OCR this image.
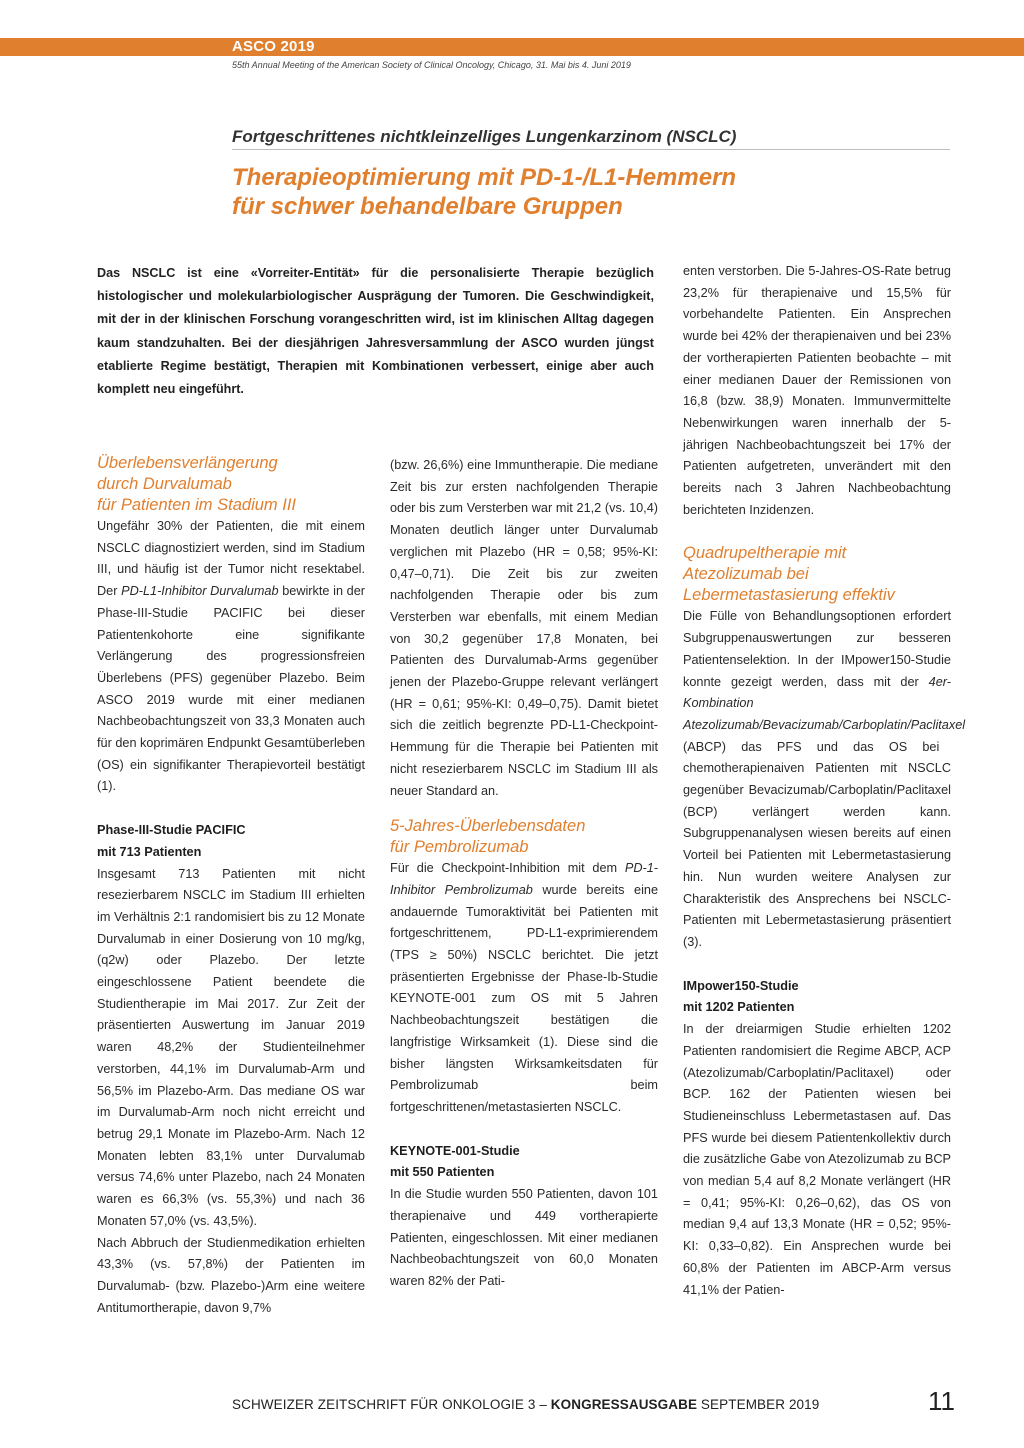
ASCO 2019
55th Annual Meeting of the American Society of Clinical Oncology, Chicago, 31. Mai bis 4. Juni 2019
Fortgeschrittenes nichtkleinzelliges Lungenkarzinom (NSCLC)
Therapieoptimierung mit PD-1-/L1-Hemmern
für schwer behandelbare Gruppen
Das NSCLC ist eine «Vorreiter-Entität» für die personalisierte Therapie bezüglich histologischer und molekularbiologischer Ausprägung der Tumoren. Die Geschwindigkeit, mit der in der klinischen Forschung vorangeschritten wird, ist im klinischen Alltag dagegen kaum standzuhalten. Bei der diesjährigen Jahresversammlung der ASCO wurden jüngst etablierte Regime bestätigt, Therapien mit Kombinationen verbessert, einige aber auch komplett neu eingeführt.
Überlebensverlängerung
durch Durvalumab
für Patienten im Stadium III

Ungefähr 30% der Patienten, die mit einem NSCLC diagnostiziert werden, sind im Stadium III, und häufig ist der Tumor nicht resektabel. Der PD-L1-Inhibitor Durvalumab bewirkte in der Phase-III-Studie PACIFIC bei dieser Patientenkohorte eine signifikante Verlängerung des progressionsfreien Überlebens (PFS) gegenüber Plazebo. Beim ASCO 2019 wurde mit einer medianen Nachbeobachtungszeit von 33,3 Monaten auch für den koprimären Endpunkt Gesamtüberleben (OS) ein signifikanter Therapievorteil bestätigt (1).

Phase-III-Studie PACIFIC
mit 713 Patienten

Insgesamt 713 Patienten mit nicht resezierbarem NSCLC im Stadium III erhielten im Verhältnis 2:1 randomisiert bis zu 12 Monate Durvalumab in einer Dosierung von 10 mg/kg, (q2w) oder Plazebo. Der letzte eingeschlossene Patient beendete die Studientherapie im Mai 2017. Zur Zeit der präsentierten Auswertung im Januar 2019 waren 48,2% der Studienteilnehmer verstorben, 44,1% im Durvalumab-Arm und 56,5% im Plazebo-Arm. Das mediane OS war im Durvalumab-Arm noch nicht erreicht und betrug 29,1 Monate im Plazebo-Arm. Nach 12 Monaten lebten 83,1% unter Durvalumab versus 74,6% unter Plazebo, nach 24 Monaten waren es 66,3% (vs. 55,3%) und nach 36 Monaten 57,0% (vs. 43,5%).

Nach Abbruch der Studienmedikation erhielten 43,3% (vs. 57,8%) der Patienten im Durvalumab- (bzw. Plazebo-)Arm eine weitere Antitumortherapie, davon 9,7%

(bzw. 26,6%) eine Immuntherapie. Die mediane Zeit bis zur ersten nachfolgenden Therapie oder bis zum Versterben war mit 21,2 (vs. 10,4) Monaten deutlich länger unter Durvalumab verglichen mit Plazebo (HR = 0,58; 95%-KI: 0,47–0,71). Die Zeit bis zur zweiten nachfolgenden Therapie oder bis zum Versterben war ebenfalls, mit einem Median von 30,2 gegenüber 17,8 Monaten, bei Patienten des Durvalumab-Arms gegenüber jenen der Plazebo-Gruppe relevant verlängert (HR = 0,61; 95%-KI: 0,49–0,75). Damit bietet sich die zeitlich begrenzte PD-L1-Checkpoint-Hemmung für die Therapie bei Patienten mit nicht resezierbarem NSCLC im Stadium III als neuer Standard an.

5-Jahres-Überlebensdaten
für Pembrolizumab

Für die Checkpoint-Inhibition mit dem PD-1-Inhibitor Pembrolizumab wurde bereits eine andauernde Tumoraktivität bei Patienten mit fortgeschrittenem, PD-L1-exprimierendem (TPS ≥ 50%) NSCLC berichtet. Die jetzt präsentierten Ergebnisse der Phase-Ib-Studie KEYNOTE-001 zum OS mit 5 Jahren Nachbeobachtungszeit bestätigen die langfristige Wirksamkeit (1). Diese sind die bisher längsten Wirksamkeitsdaten für Pembrolizumab beim fortgeschrittenen/metastasierten NSCLC.

KEYNOTE-001-Studie
mit 550 Patienten

In die Studie wurden 550 Patienten, davon 101 therapienaive und 449 vortherapierte Patienten, eingeschlossen. Mit einer medianen Nachbeobachtungszeit von 60,0 Monaten waren 82% der Pati-

enten verstorben. Die 5-Jahres-OS-Rate betrug 23,2% für therapienaive und 15,5% für vorbehandelte Patienten. Ein Ansprechen wurde bei 42% der therapienaiven und bei 23% der vortherapierten Patienten beobachte – mit einer medianen Dauer der Remissionen von 16,8 (bzw. 38,9) Monaten. Immunvermittelte Nebenwirkungen waren innerhalb der 5-jährigen Nachbeobachtungszeit bei 17% der Patienten aufgetreten, unverändert mit den bereits nach 3 Jahren Nachbeobachtung berichteten Inzidenzen.

Quadrupeltherapie mit
Atezolizumab bei
Lebermetastasierung effektiv

Die Fülle von Behandlungsoptionen erfordert Subgruppenauswertungen zur besseren Patientenselektion. In der IMpower150-Studie konnte gezeigt werden, dass mit der 4er-Kombination Atezolizumab/Bevacizumab/Carboplatin/Paclitaxel (ABCP) das PFS und das OS bei chemotherapienaiven Patienten mit NSCLC gegenüber Bevacizumab/Carboplatin/Paclitaxel (BCP) verlängert werden kann. Subgruppenanalysen wiesen bereits auf einen Vorteil bei Patienten mit Lebermetastasierung hin. Nun wurden weitere Analysen zur Charakteristik des Ansprechens bei NSCLC-Patienten mit Lebermetastasierung präsentiert (3).

IMpower150-Studie
mit 1202 Patienten

In der dreiarmigen Studie erhielten 1202 Patienten randomisiert die Regime ABCP, ACP (Atezolizumab/Carboplatin/Paclitaxel) oder BCP. 162 der Patienten wiesen bei Studieneinschluss Lebermetastasen auf. Das PFS wurde bei diesem Patientenkollektiv durch die zusätzliche Gabe von Atezolizumab zu BCP von median 5,4 auf 8,2 Monate verlängert (HR = 0,41; 95%-KI: 0,26–0,62), das OS von median 9,4 auf 13,3 Monate (HR = 0,52; 95%-KI: 0,33–0,82). Ein Ansprechen wurde bei 60,8% der Patienten im ABCP-Arm versus 41,1% der Patien-

SCHWEIZER ZEITSCHRIFT FÜR ONKOLOGIE 3 – KONGRESSAUSGABE SEPTEMBER 2019	11
